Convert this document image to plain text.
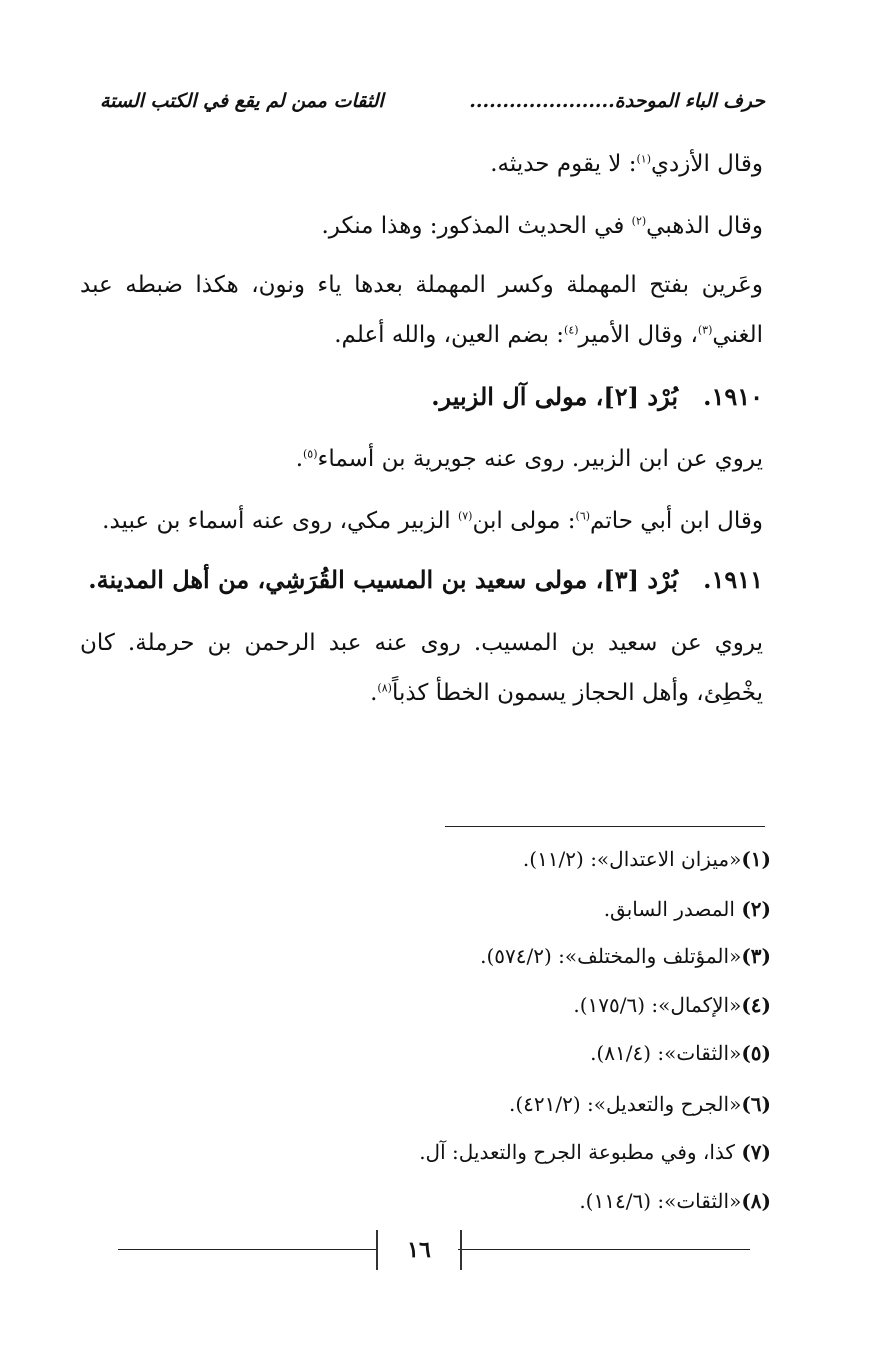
حرف الباء الموحدة......................
الثقات ممن لم يقع في الكتب الستة
وقال الأزدي$^{(١)}$: لا يقوم حديثه.
وقال الذهبي$^{(٢)}$ في الحديث المذكور: وهذا منكر.
وعَرين بفتح المهملة وكسر المهملة بعدها ياء ونون، هكذا ضبطه عبد
الغني$^{(٣)}$، وقال الأمير$^{(٤)}$: بضم العين، والله أعلم.
١٩١٠.   بُرْد [٢]، مولى آل الزبير.
يروي عن ابن الزبير. روى عنه جويرية بن أسماء$^{(٥)}$.
وقال ابن أبي حاتم$^{(٦)}$: مولى ابن$^{(٧)}$ الزبير مكي، روى عنه أسماء بن عبيد.
١٩١١.   بُرْد [٣]، مولى سعيد بن المسيب القُرَشِي، من أهل المدينة.
يروي عن سعيد بن المسيب. روى عنه عبد الرحمن بن حرملة. كان
يخْطِئ، وأهل الحجاز يسمون الخطأ كذباً$^{(٨)}$.
(١)«ميزان الاعتدال»: (١١/٢).
(٢) المصدر السابق.
(٣)«المؤتلف والمختلف»: (٥٧٤/٢).
(٤)«الإكمال»: (١٧٥/٦).
(٥)«الثقات»: (٨١/٤).
(٦)«الجرح والتعديل»: (٤٢١/٢).
(٧) كذا، وفي مطبوعة الجرح والتعديل: آل.
(٨)«الثقات»: (١١٤/٦).
١٦
